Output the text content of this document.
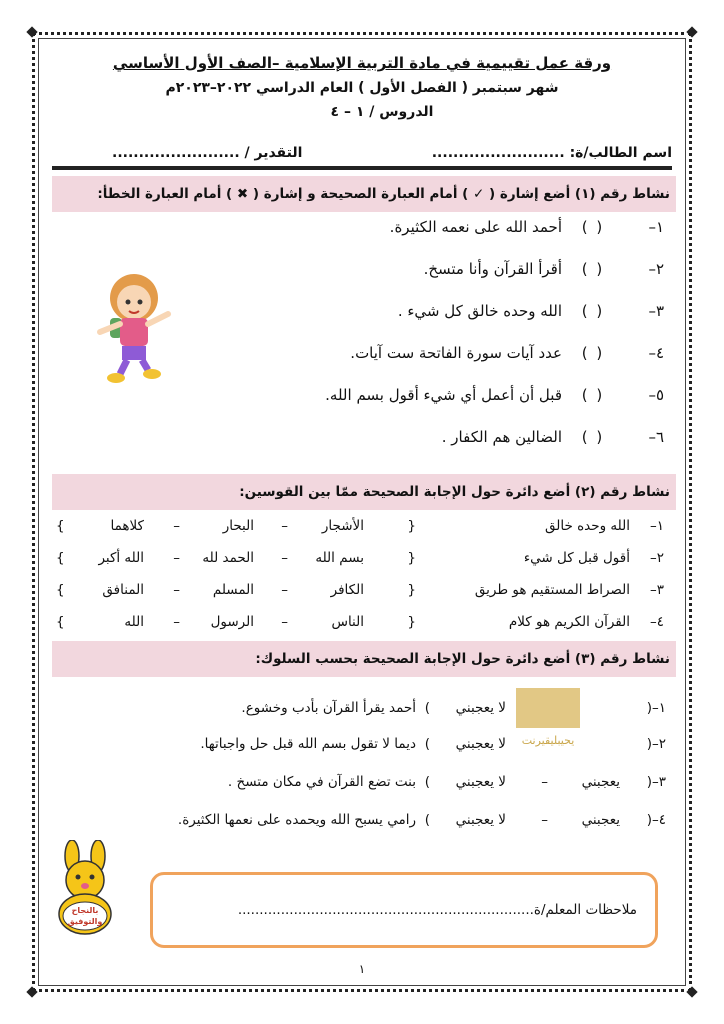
ورقة عمل تقييمية في مادة التربية الإسلامية –الصف الأول الأساسي
شهر سبتمبر ( الفصل الأول ) العام الدراسي ٢٠٢٢–٢٠٢٣م
الدروس / ١ – ٤
اسم الطالب/ة: .........................
التقدير / ........................
نشاط رقم (١) أضع إشارة ( ✓ ) أمام العبارة الصحيحة و إشارة ( ✖ ) أمام العبارة الخطأ:
١–
( )
أحمد الله على نعمه الكثيرة.
٢–
( )
أقرأ القرآن وأنا متسخ.
٣–
( )
الله وحده خالق كل شيء .
٤–
( )
عدد آيات سورة الفاتحة ست آيات.
٥–
( )
قبل أن أعمل أي شيء أقول بسم الله.
٦–
( )
الضالين هم الكفار .
نشاط رقم (٢) أضع دائرة حول الإجابة الصحيحة ممّا بين القوسين:
١–
الله وحده خالق
{
الأشجار
–
البحار
–
كلاهما
}
٢–
أقول قبل كل شيء
{
بسم الله
–
الحمد لله
–
الله أكبر
}
٣–
الصراط المستقيم هو طريق
{
الكافر
–
المسلم
–
المنافق
}
٤–
القرآن الكريم هو كلام
{
الناس
–
الرسول
–
الله
}
نشاط رقم (٣) أضع دائرة حول الإجابة الصحيحة بحسب السلوك:
١–(
لا يعجبني
)
أحمد يقرأ القرآن بأدب وخشوع.
٢–(
لا يعجبني
)
ديما لا تقول بسم الله قبل حل واجباتها.
٣–(
يعجبني
–
لا يعجبني
)
بنت تضع القرآن في مكان متسخ .
٤–(
يعجبني
–
لا يعجبني
)
رامي يسبح الله ويحمده على نعمها الكثيرة.
يحيبليقيرنت
بالنجاح
والتوفيق
ملاحظات المعلم/ة.....................................................................
١
